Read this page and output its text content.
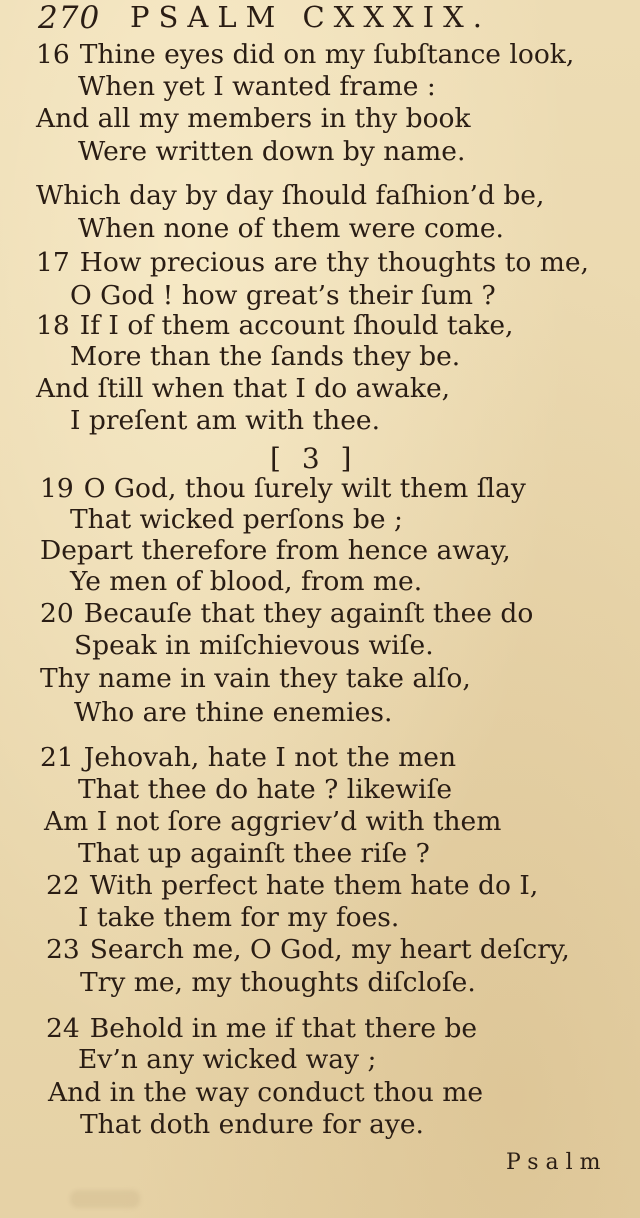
270 PSALM CXXXIX.
16 Thine eyes did on my ſubſtance look,
When yet I wanted frame :
And all my members in thy book
Were written down by name.
Which day by day ſhould faſhion’d be,
When none of them were come.
17 How precious are thy thoughts to me,
O God ! how great’s their ſum ?
18 If I of them account ſhould take,
More than the ſands they be.
And ſtill when that I do awake,
I preſent am with thee.
[ 3 ]
19 O God, thou ſurely wilt them ſlay
That wicked perſons be ;
Depart therefore from hence away,
Ye men of blood, from me.
20 Becauſe that they againſt thee do
Speak in miſchievous wiſe.
Thy name in vain they take alſo,
Who are thine enemies.
21 Jehovah, hate I not the men
That thee do hate ? likewiſe
Am I not ſore aggriev’d with them
That up againſt thee riſe ?
22 With perfect hate them hate do I,
I take them for my foes.
23 Search me, O God, my heart deſcry,
Try me, my thoughts diſcloſe.
24 Behold in me if that there be
Ev’n any wicked way ;
And in the way conduct thou me
That doth endure for aye.
Psalm
